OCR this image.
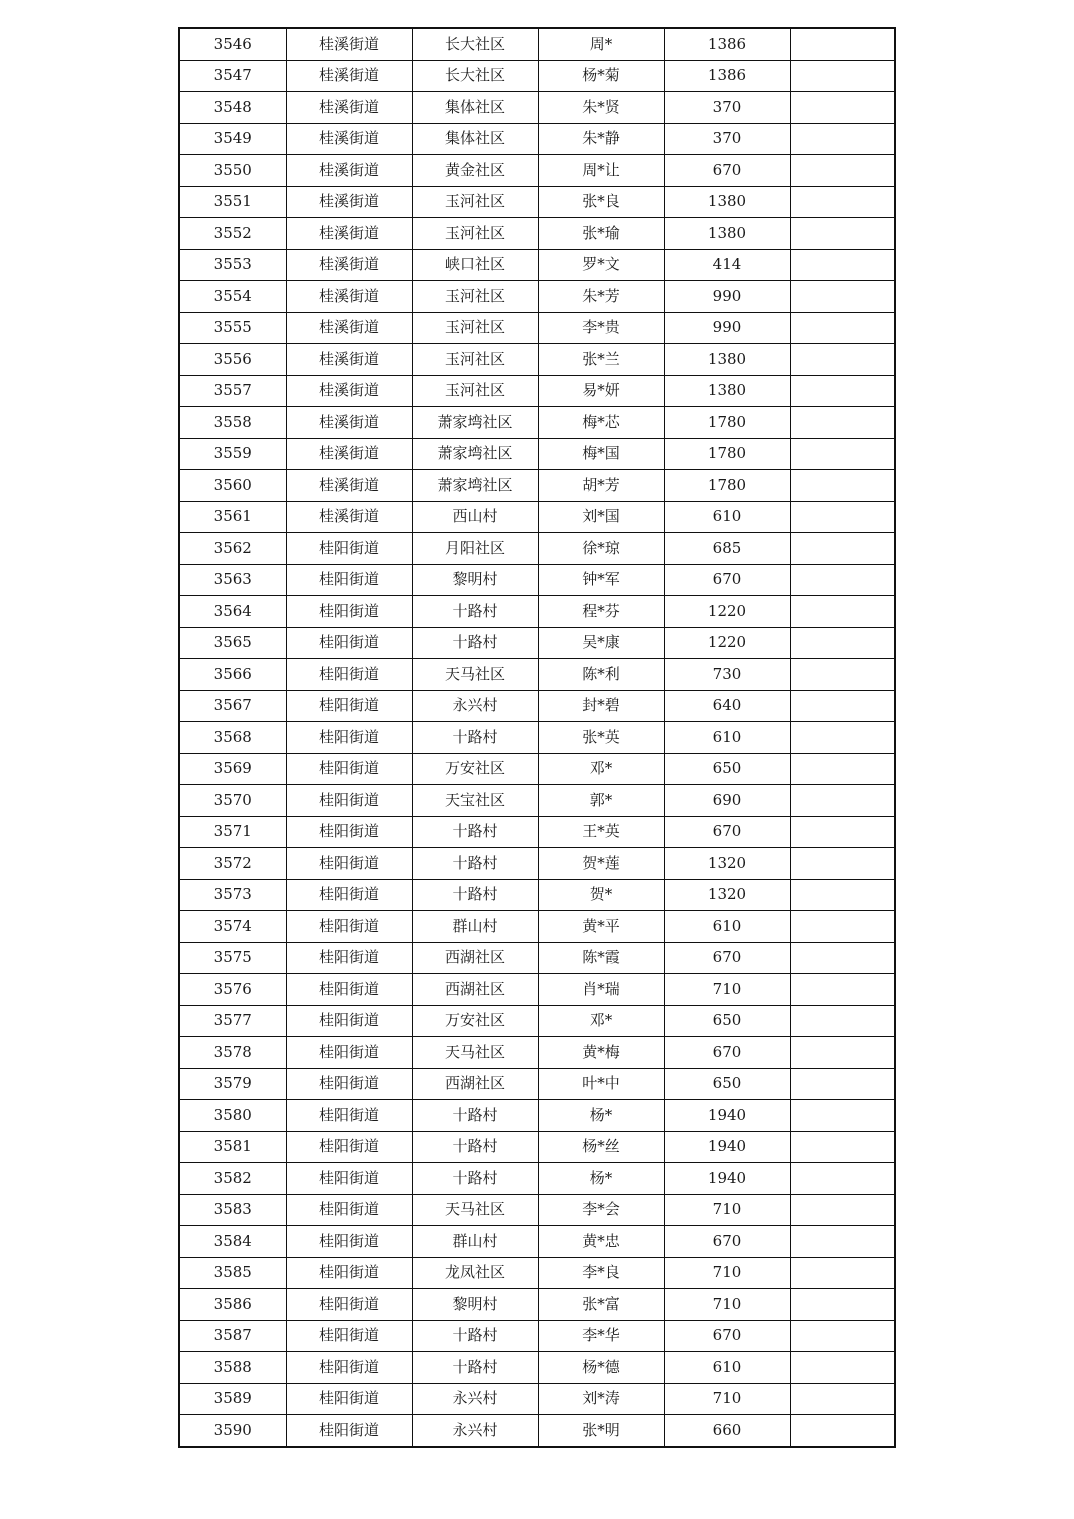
3546	桂溪街道	长大社区	周*	1386	
3547	桂溪街道	长大社区	杨*菊	1386	
3548	桂溪街道	集体社区	朱*贤	370	
3549	桂溪街道	集体社区	朱*静	370	
3550	桂溪街道	黄金社区	周*让	670	
3551	桂溪街道	玉河社区	张*良	1380	
3552	桂溪街道	玉河社区	张*瑜	1380	
3553	桂溪街道	峡口社区	罗*文	414	
3554	桂溪街道	玉河社区	朱*芳	990	
3555	桂溪街道	玉河社区	李*贵	990	
3556	桂溪街道	玉河社区	张*兰	1380	
3557	桂溪街道	玉河社区	易*妍	1380	
3558	桂溪街道	萧家塆社区	梅*芯	1780	
3559	桂溪街道	萧家塆社区	梅*国	1780	
3560	桂溪街道	萧家塆社区	胡*芳	1780	
3561	桂溪街道	西山村	刘*国	610	
3562	桂阳街道	月阳社区	徐*琼	685	
3563	桂阳街道	黎明村	钟*军	670	
3564	桂阳街道	十路村	程*芬	1220	
3565	桂阳街道	十路村	吴*康	1220	
3566	桂阳街道	天马社区	陈*利	730	
3567	桂阳街道	永兴村	封*碧	640	
3568	桂阳街道	十路村	张*英	610	
3569	桂阳街道	万安社区	邓*	650	
3570	桂阳街道	天宝社区	郭*	690	
3571	桂阳街道	十路村	王*英	670	
3572	桂阳街道	十路村	贺*莲	1320	
3573	桂阳街道	十路村	贺*	1320	
3574	桂阳街道	群山村	黄*平	610	
3575	桂阳街道	西湖社区	陈*霞	670	
3576	桂阳街道	西湖社区	肖*瑞	710	
3577	桂阳街道	万安社区	邓*	650	
3578	桂阳街道	天马社区	黄*梅	670	
3579	桂阳街道	西湖社区	叶*中	650	
3580	桂阳街道	十路村	杨*	1940	
3581	桂阳街道	十路村	杨*丝	1940	
3582	桂阳街道	十路村	杨*	1940	
3583	桂阳街道	天马社区	李*会	710	
3584	桂阳街道	群山村	黄*忠	670	
3585	桂阳街道	龙凤社区	李*良	710	
3586	桂阳街道	黎明村	张*富	710	
3587	桂阳街道	十路村	李*华	670	
3588	桂阳街道	十路村	杨*德	610	
3589	桂阳街道	永兴村	刘*涛	710	
3590	桂阳街道	永兴村	张*明	660	
